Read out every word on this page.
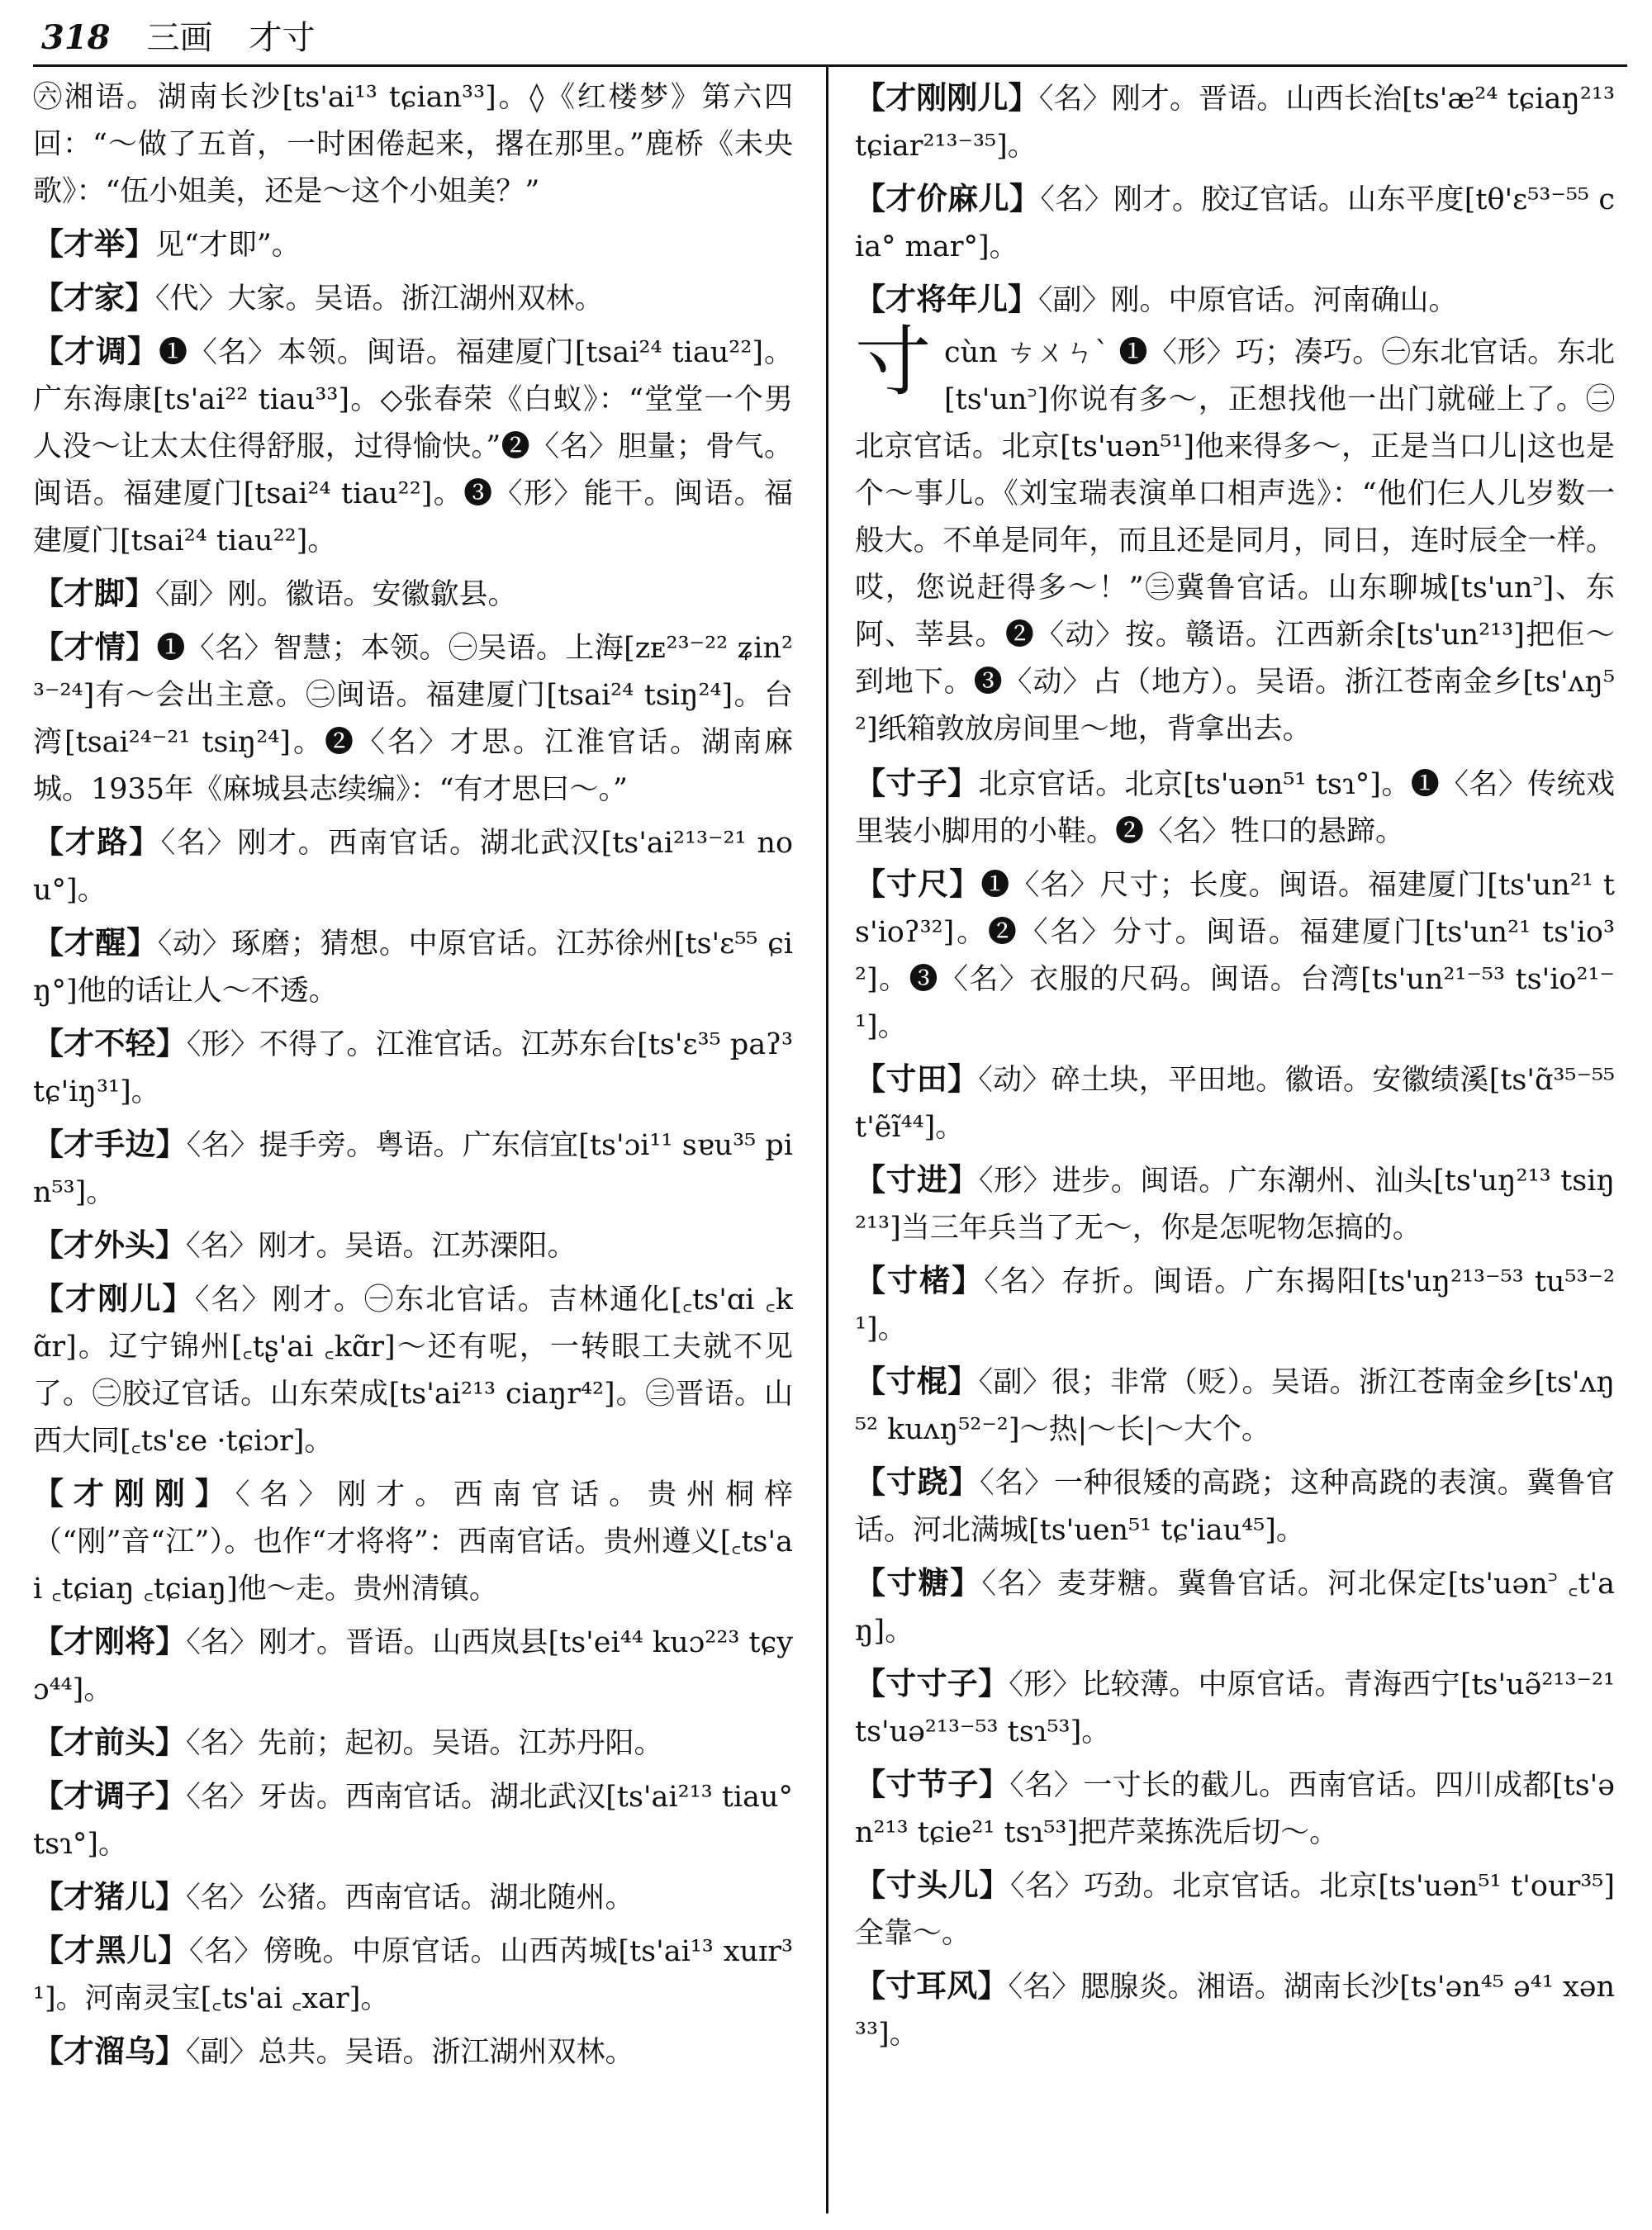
318 三画 才寸

㊅湘语。湖南长沙[ts'ai¹³ tɕian³³]。◊《红楼梦》第六四回：“～做了五首，一时困倦起来，撂在那里。”鹿桥《未央歌》：“伍小姐美，还是～这个小姐美？”

【才举】见“才即”。

【才家】〈代〉大家。吴语。浙江湖州双林。

【才调】❶〈名〉本领。闽语。福建厦门[tsai²⁴ tiau²²]。广东海康[ts'ai²² tiau³³]。◇张春荣《白蚁》：“堂堂一个男人没～让太太住得舒服，过得愉快。”❷〈名〉胆量；骨气。闽语。福建厦门[tsai²⁴ tiau²²]。❸〈形〉能干。闽语。福建厦门[tsai²⁴ tiau²²]。

【才脚】〈副〉刚。徽语。安徽歙县。

【才情】❶〈名〉智慧；本领。㊀吴语。上海[zᴇ²³⁻²² ʑin²³⁻²⁴]有～会出主意。㊁闽语。福建厦门[tsai²⁴ tsiŋ²⁴]。台湾[tsai²⁴⁻²¹ tsiŋ²⁴]。❷〈名〉才思。江淮官话。湖南麻城。1935年《麻城县志续编》：“有才思曰～。”

【才路】〈名〉刚才。西南官话。湖北武汉[ts'ai²¹³⁻²¹ nou°]。

【才醒】〈动〉琢磨；猜想。中原官话。江苏徐州[ts'ɛ⁵⁵ ɕiŋ°]他的话让人～不透。

【才不轻】〈形〉不得了。江淮官话。江苏东台[ts'ɛ³⁵ paʔ³ tɕ'iŋ³¹]。

【才手边】〈名〉提手旁。粤语。广东信宜[ts'ɔi¹¹ sɐu³⁵ pin⁵³]。

【才外头】〈名〉刚才。吴语。江苏溧阳。

【才刚儿】〈名〉刚才。㊀东北官话。吉林通化[꜀ts'ɑi ꜀kɑ̃r]。辽宁锦州[꜀tʂ'ai ꜀kɑ̃r]～还有呢，一转眼工夫就不见了。㊁胶辽官话。山东荣成[ts'ai²¹³ ciaŋr⁴²]。㊂晋语。山西大同[꜀ts'ɛe ·tɕiɔr]。

【才刚刚】〈名〉刚才。西南官话。贵州桐梓（“刚”音“江”）。也作“才将将”：西南官话。贵州遵义[꜀ts'ai ꜀tɕiaŋ ꜀tɕiaŋ]他～走。贵州清镇。

【才刚将】〈名〉刚才。晋语。山西岚县[ts'ei⁴⁴ kuɔ²²³ tɕyɔ⁴⁴]。

【才前头】〈名〉先前；起初。吴语。江苏丹阳。

【才调子】〈名〉牙齿。西南官话。湖北武汉[ts'ai²¹³ tiau° tsɿ°]。

【才猪儿】〈名〉公猪。西南官话。湖北随州。

【才黑儿】〈名〉傍晚。中原官话。山西芮城[ts'ai¹³ xuɪr³¹]。河南灵宝[꜀ts'ai ꜀xar]。

【才溜乌】〈副〉总共。吴语。浙江湖州双林。

【才刚刚儿】〈名〉刚才。晋语。山西长治[ts'æ²⁴ tɕiaŋ²¹³ tɕiar²¹³⁻³⁵]。

【才价麻儿】〈名〉刚才。胶辽官话。山东平度[tθ'ɛ⁵³⁻⁵⁵ cia° mar°]。

【才将年儿】〈副〉刚。中原官话。河南确山。

寸cùn ㄘㄨㄣˋ ❶〈形〉巧；凑巧。㊀东北官话。东北[ts'un꜄]你说有多～，正想找他一出门就碰上了。㊁北京官话。北京[ts'uən⁵¹]他来得多～，正是当口儿|这也是个～事儿。《刘宝瑞表演单口相声选》：“他们仨人儿岁数一般大。不单是同年，而且还是同月，同日，连时辰全一样。哎，您说赶得多～！”㊂冀鲁官话。山东聊城[ts'un꜄]、东阿、莘县。❷〈动〉按。赣语。江西新余[ts'un²¹³]把佢～到地下。❸〈动〉占（地方）。吴语。浙江苍南金乡[ts'ʌŋ⁵²]纸箱敦放房间里～地，背拿出去。

【寸子】北京官话。北京[ts'uən⁵¹ tsɿ°]。❶〈名〉传统戏里装小脚用的小鞋。❷〈名〉牲口的悬蹄。

【寸尺】❶〈名〉尺寸；长度。闽语。福建厦门[ts'un²¹ ts'ioʔ³²]。❷〈名〉分寸。闽语。福建厦门[ts'un²¹ ts'io³²]。❸〈名〉衣服的尺码。闽语。台湾[ts'un²¹⁻⁵³ ts'io²¹⁻¹]。

【寸田】〈动〉碎土块，平田地。徽语。安徽绩溪[ts'ɑ̃³⁵⁻⁵⁵ t'ẽĩ⁴⁴]。

【寸进】〈形〉进步。闽语。广东潮州、汕头[ts'uŋ²¹³ tsiŋ²¹³]当三年兵当了无～，你是怎呢物怎搞的。

【寸楮】〈名〉存折。闽语。广东揭阳[ts'uŋ²¹³⁻⁵³ tu⁵³⁻²¹]。

【寸棍】〈副〉很；非常（贬）。吴语。浙江苍南金乡[ts'ʌŋ⁵² kuʌŋ⁵²⁻²]～热|～长|～大个。

【寸跷】〈名〉一种很矮的高跷；这种高跷的表演。冀鲁官话。河北满城[ts'uen⁵¹ tɕ'iau⁴⁵]。

【寸糖】〈名〉麦芽糖。冀鲁官话。河北保定[ts'uən꜄ ꜀t'aŋ]。

【寸寸子】〈形〉比较薄。中原官话。青海西宁[ts'uə̃²¹³⁻²¹ ts'uə²¹³⁻⁵³ tsɿ⁵³]。

【寸节子】〈名〉一寸长的截儿。西南官话。四川成都[ts'ən²¹³ tɕie²¹ tsɿ⁵³]把芹菜拣洗后切～。

【寸头儿】〈名〉巧劲。北京官话。北京[ts'uən⁵¹ t'our³⁵]全靠～。

【寸耳风】〈名〉腮腺炎。湘语。湖南长沙[ts'ən⁴⁵ ə⁴¹ xən³³]。
